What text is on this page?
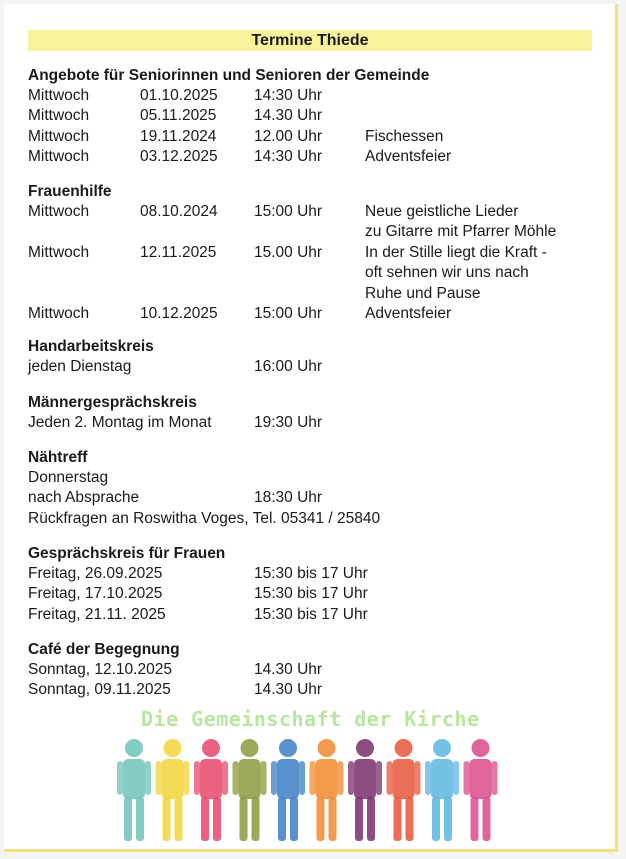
Termine Thiede
Angebote für Seniorinnen und Senioren der Gemeinde
Mittwoch	01.10.2025 14:30 Uhr
Mittwoch	05.11.2025 14.30 Uhr
Mittwoch	19.11.2024 12.00 Uhr	Fischessen
Mittwoch	03.12.2025 14:30 Uhr	Adventsfeier
Frauenhilfe
Mittwoch	08.10.2024 15:00 Uhr	Neue geistliche Lieder
zu Gitarre mit Pfarrer Möhle
Mittwoch	12.11.2025 15.00 Uhr	In der Stille liegt die Kraft -
oft sehnen wir uns nach
Ruhe und Pause
Mittwoch	10.12.2025 15:00 Uhr	Adventsfeier
Handarbeitskreis
jeden Dienstag	16:00 Uhr
Männergesprächskreis
Jeden 2. Montag im Monat	19:30 Uhr
Nähtreff
Donnerstag
nach Absprache	18:30 Uhr
Rückfragen an Roswitha Voges, Tel. 05341 / 25840
Gesprächskreis für Frauen
Freitag, 26.09.2025	15:30 bis 17 Uhr
Freitag, 17.10.2025	15:30 bis 17 Uhr
Freitag, 21.11. 2025	15:30 bis 17 Uhr
Café der Begegnung
Sonntag, 12.10.2025	14.30 Uhr
Sonntag, 09.11.2025	14.30 Uhr
Die Gemeinschaft der Kirche
